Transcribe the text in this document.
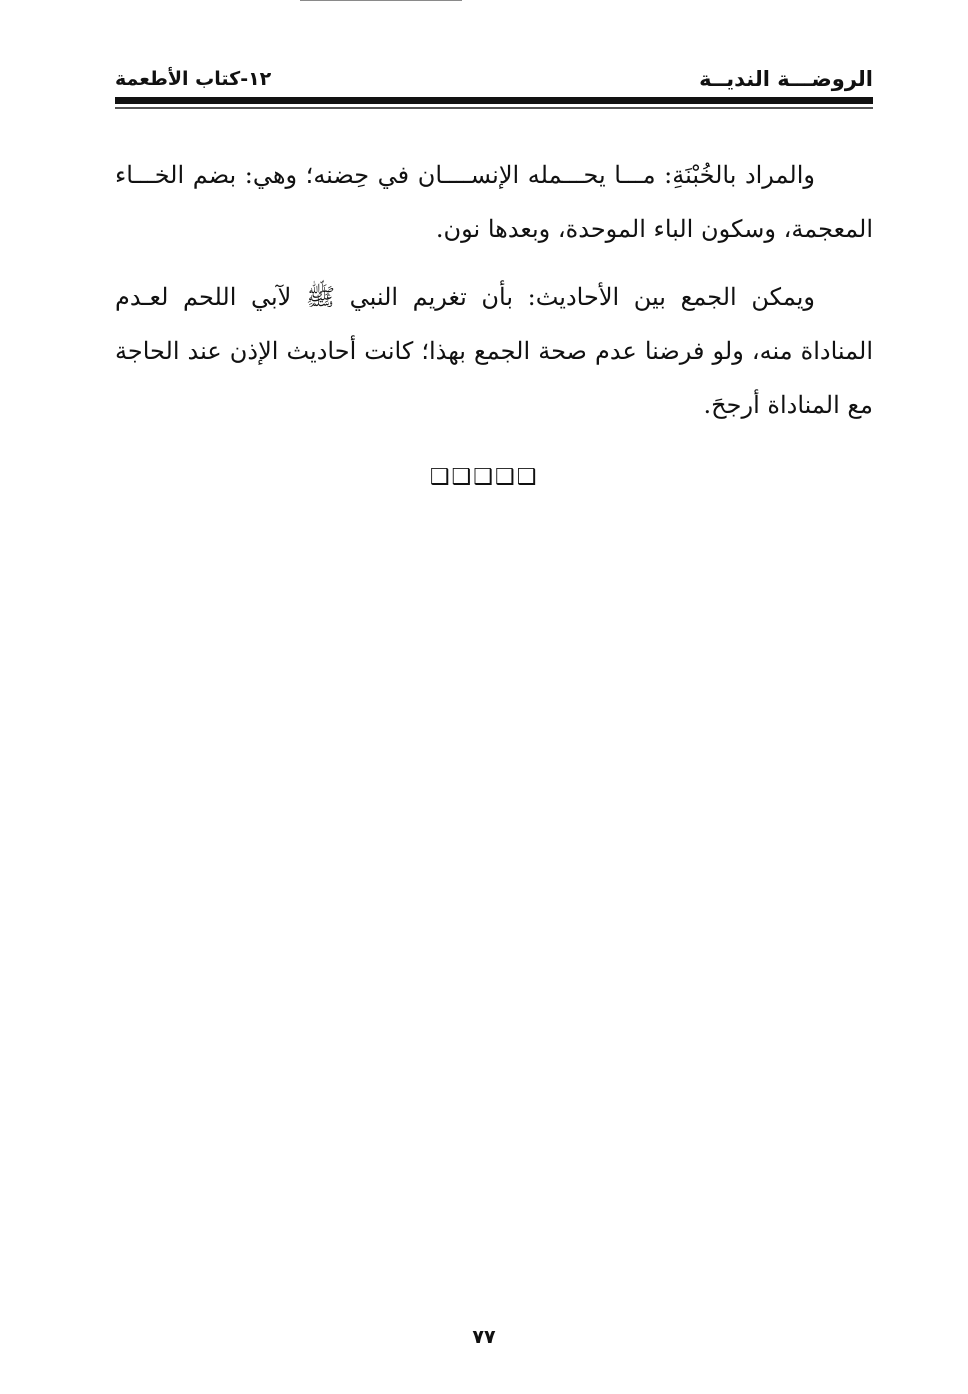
الروضـــة النديــة
١٢-كتاب الأطعمة

والمراد بالخُبْنَةِ: مـــا يحـــمله الإنســــان في حِضنه؛ وهي: بضم الخـــاء المعجمة، وسكون الباء الموحدة، وبعدها نون.

ويمكن الجمع بين الأحاديث: بأن تغريم النبي ﷺ لآبي اللحم لعـدم المناداة منه، ولو فرضنا عدم صحة الجمع بهذا؛ كانت أحاديث الإذن عند الحاجة مع المناداة أرجحَ.

❑❑❑❑❑
٧٧
